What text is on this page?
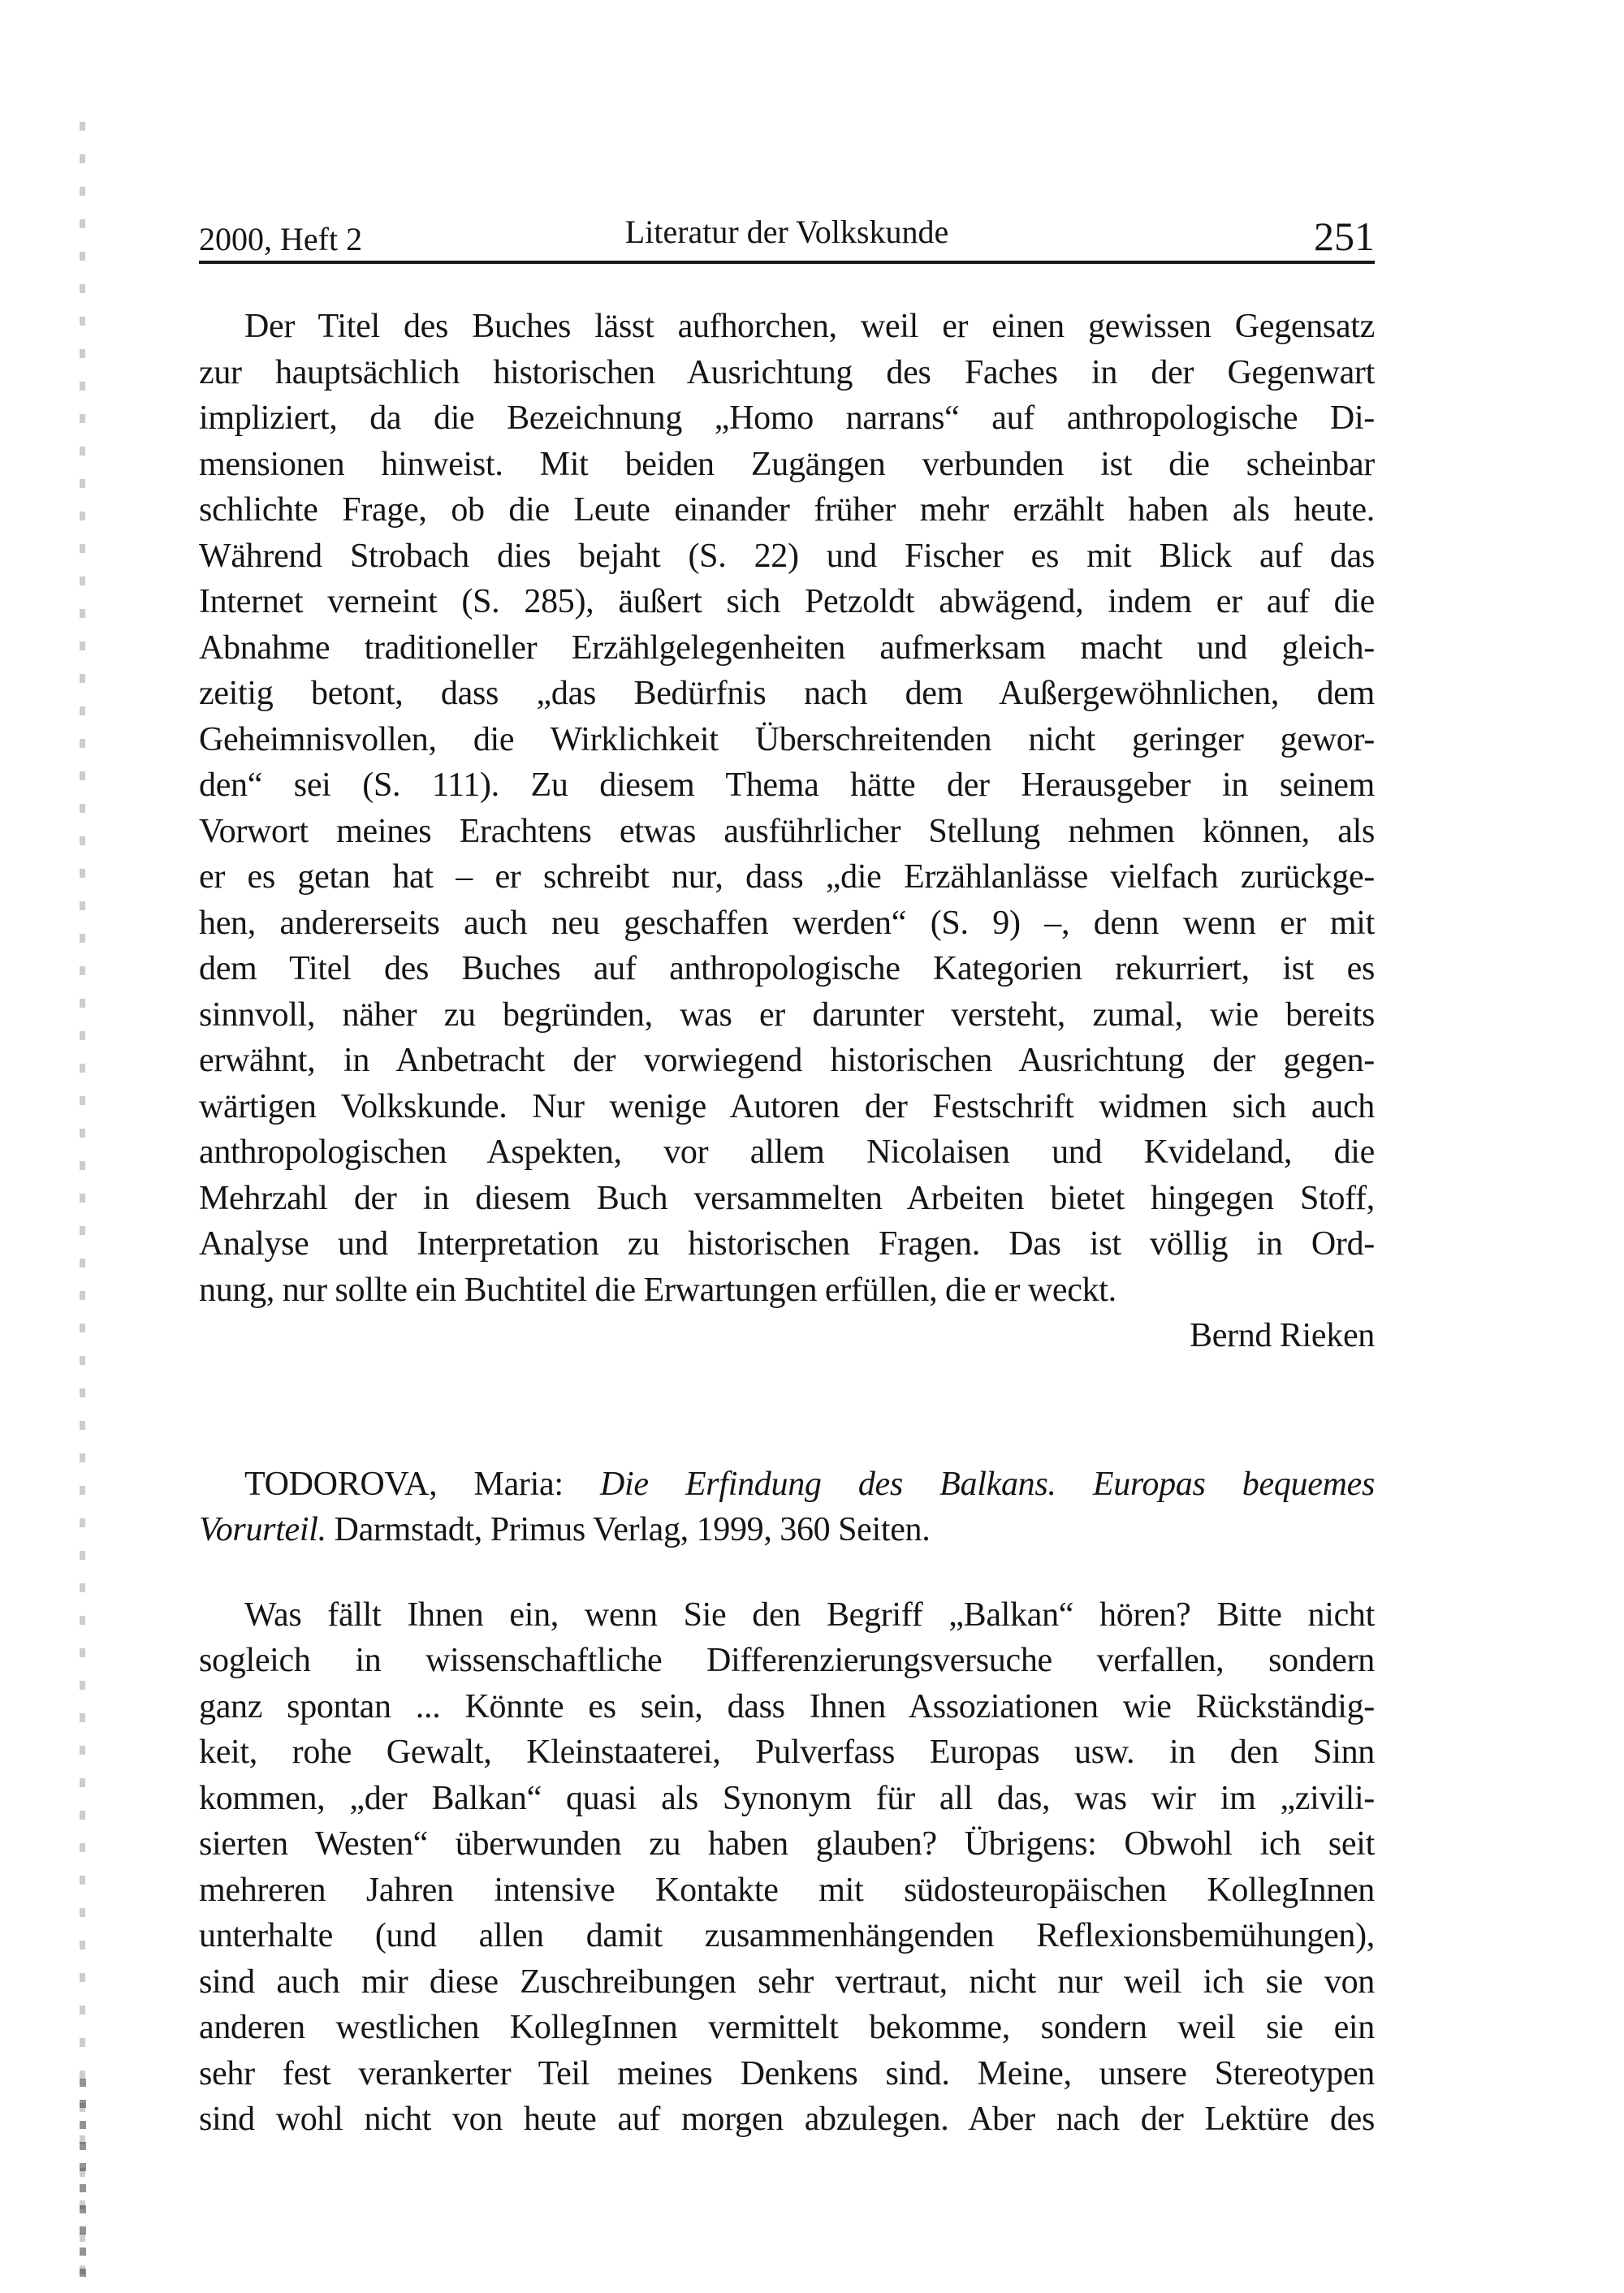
2000, Heft 2	Literatur der Volkskunde	251
Der Titel des Buches lässt aufhorchen, weil er einen gewissen Gegensatz
zur hauptsächlich historischen Ausrichtung des Faches in der Gegenwart
impliziert, da die Bezeichnung „Homo narrans“ auf anthropologische Di-
mensionen hinweist. Mit beiden Zugängen verbunden ist die scheinbar
schlichte Frage, ob die Leute einander früher mehr erzählt haben als heute.
Während Strobach dies bejaht (S. 22) und Fischer es mit Blick auf das
Internet verneint (S. 285), äußert sich Petzoldt abwägend, indem er auf die
Abnahme traditioneller Erzählgelegenheiten aufmerksam macht und gleich-
zeitig betont, dass „das Bedürfnis nach dem Außergewöhnlichen, dem
Geheimnisvollen, die Wirklichkeit Überschreitenden nicht geringer gewor-
den“ sei (S. 111). Zu diesem Thema hätte der Herausgeber in seinem
Vorwort meines Erachtens etwas ausführlicher Stellung nehmen können, als
er es getan hat – er schreibt nur, dass „die Erzählanlässe vielfach zurückge-
hen, andererseits auch neu geschaffen werden“ (S. 9) –, denn wenn er mit
dem Titel des Buches auf anthropologische Kategorien rekurriert, ist es
sinnvoll, näher zu begründen, was er darunter versteht, zumal, wie bereits
erwähnt, in Anbetracht der vorwiegend historischen Ausrichtung der gegen-
wärtigen Volkskunde. Nur wenige Autoren der Festschrift widmen sich auch
anthropologischen Aspekten, vor allem Nicolaisen und Kvideland, die
Mehrzahl der in diesem Buch versammelten Arbeiten bietet hingegen Stoff,
Analyse und Interpretation zu historischen Fragen. Das ist völlig in Ord-
nung, nur sollte ein Buchtitel die Erwartungen erfüllen, die er weckt.
Bernd Rieken
TODOROVA, Maria: Die Erfindung des Balkans. Europas bequemes
Vorurteil. Darmstadt, Primus Verlag, 1999, 360 Seiten.
Was fällt Ihnen ein, wenn Sie den Begriff „Balkan“ hören? Bitte nicht
sogleich in wissenschaftliche Differenzierungsversuche verfallen, sondern
ganz spontan ... Könnte es sein, dass Ihnen Assoziationen wie Rückständig-
keit, rohe Gewalt, Kleinstaaterei, Pulverfass Europas usw. in den Sinn
kommen, „der Balkan“ quasi als Synonym für all das, was wir im „zivili-
sierten Westen“ überwunden zu haben glauben? Übrigens: Obwohl ich seit
mehreren Jahren intensive Kontakte mit südosteuropäischen KollegInnen
unterhalte (und allen damit zusammenhängenden Reflexionsbemühungen),
sind auch mir diese Zuschreibungen sehr vertraut, nicht nur weil ich sie von
anderen westlichen KollegInnen vermittelt bekomme, sondern weil sie ein
sehr fest verankerter Teil meines Denkens sind. Meine, unsere Stereotypen
sind wohl nicht von heute auf morgen abzulegen. Aber nach der Lektüre des
